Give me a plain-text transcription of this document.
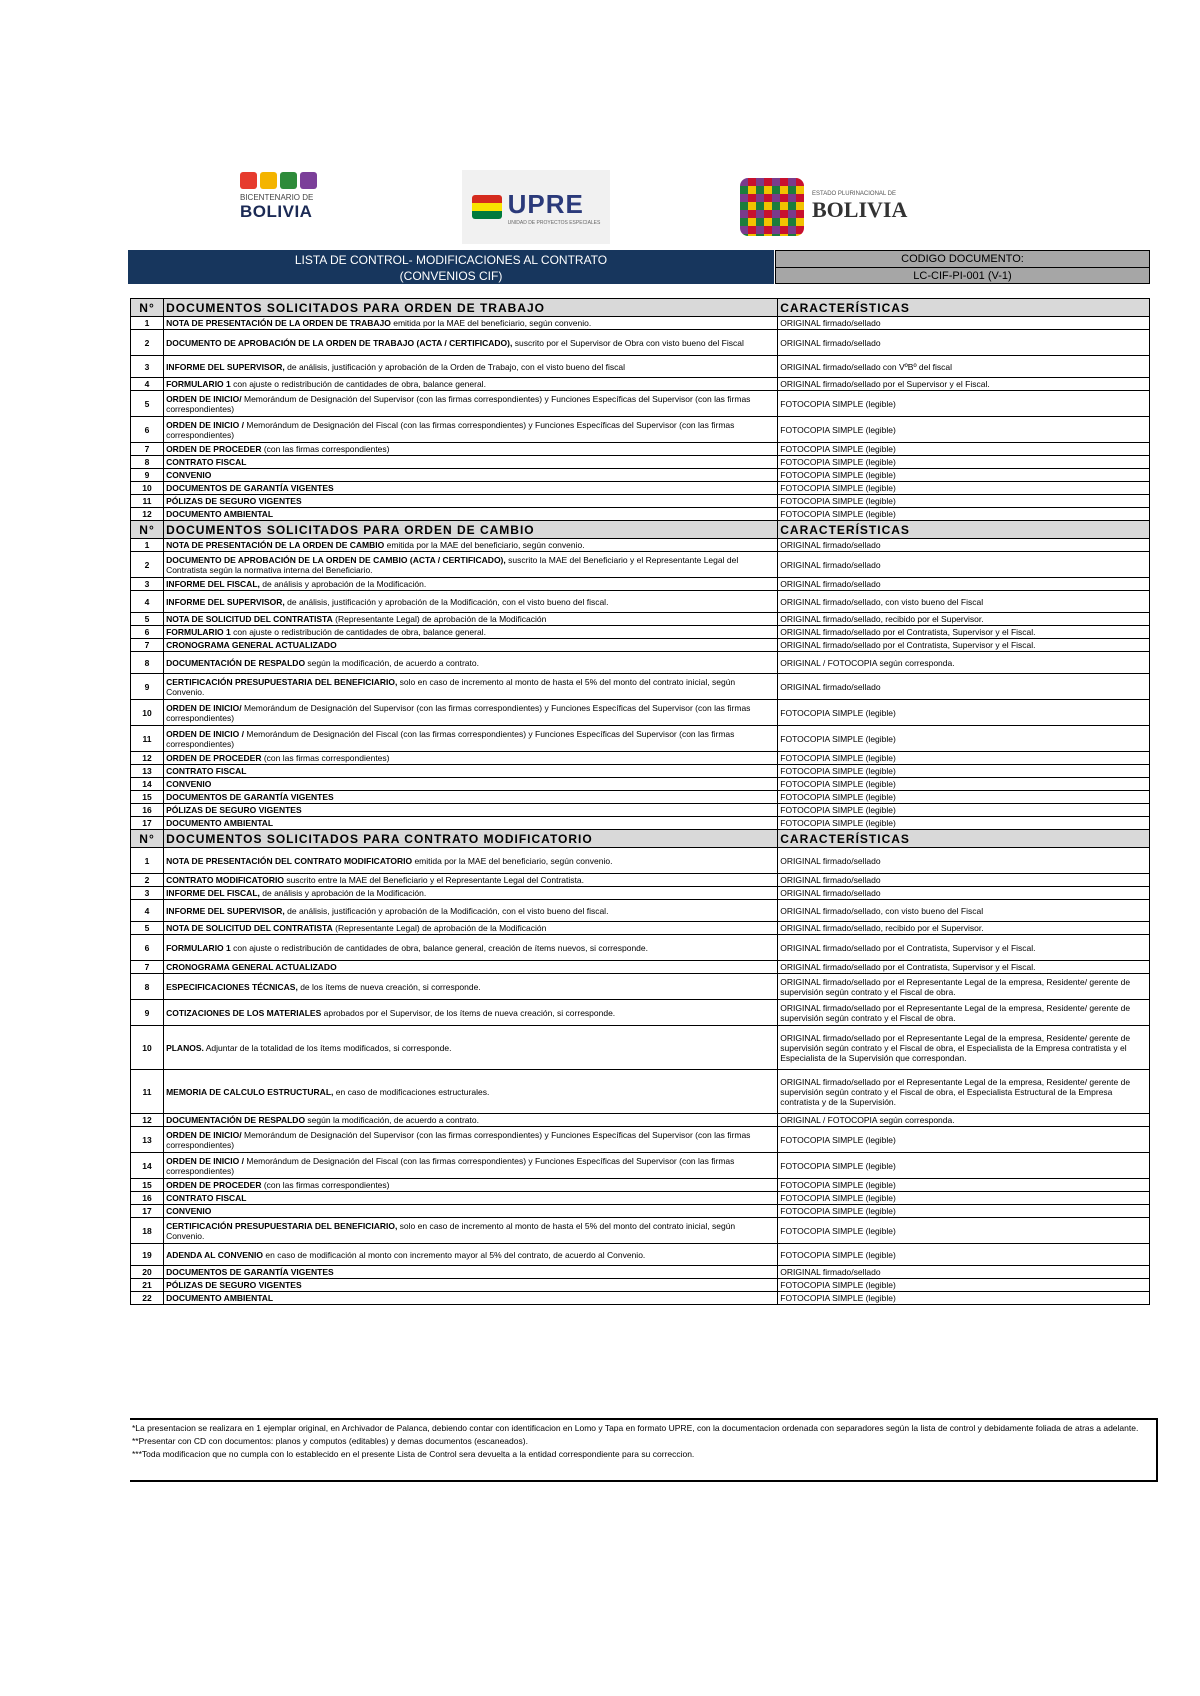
BICENTENARIO DE
BOLIVIA	UPRE
UNIDAD DE PROYECTOS ESPECIALES
ESTADO PLURINACIONAL DE
BOLIVIA
LISTA DE CONTROL- MODIFICACIONES AL CONTRATO
(CONVENIOS CIF)
CODIGO DOCUMENTO:
LC-CIF-PI-001 (V-1)
N°	DOCUMENTOS SOLICITADOS PARA ORDEN DE TRABAJO	CARACTERÍSTICAS
1	NOTA DE PRESENTACIÓN DE LA ORDEN DE TRABAJO emitida por la MAE del beneficiario, según convenio.	ORIGINAL firmado/sellado
2	DOCUMENTO DE APROBACIÓN DE LA ORDEN DE TRABAJO (ACTA / CERTIFICADO), suscrito por el Supervisor de Obra con visto bueno del Fiscal	ORIGINAL firmado/sellado
3	INFORME DEL SUPERVISOR, de análisis, justificación y aprobación de la Orden de Trabajo, con el visto bueno del fiscal	ORIGINAL firmado/sellado con VºBº del fiscal
4	FORMULARIO 1 con ajuste o redistribución de cantidades de obra, balance general.	ORIGINAL firmado/sellado por el Supervisor y el Fiscal.
5	ORDEN DE INICIO/ Memorándum de Designación del Supervisor (con las firmas correspondientes) y Funciones Específicas del Supervisor (con las firmas correspondientes)	FOTOCOPIA SIMPLE (legible)
6	ORDEN DE INICIO / Memorándum de Designación del Fiscal (con las firmas correspondientes) y Funciones Específicas del Supervisor (con las firmas correspondientes)	FOTOCOPIA SIMPLE (legible)
7	ORDEN DE PROCEDER (con las firmas correspondientes)	FOTOCOPIA SIMPLE (legible)
8	CONTRATO FISCAL	FOTOCOPIA SIMPLE (legible)
9	CONVENIO	FOTOCOPIA SIMPLE (legible)
10	DOCUMENTOS DE GARANTÍA VIGENTES	FOTOCOPIA SIMPLE (legible)
11	PÓLIZAS DE SEGURO VIGENTES	FOTOCOPIA SIMPLE (legible)
12	DOCUMENTO AMBIENTAL	FOTOCOPIA SIMPLE (legible)
N°	DOCUMENTOS SOLICITADOS PARA ORDEN DE CAMBIO	CARACTERÍSTICAS
1	NOTA DE PRESENTACIÓN DE LA ORDEN DE CAMBIO emitida por la MAE del beneficiario, según convenio.	ORIGINAL firmado/sellado
2	DOCUMENTO DE APROBACIÓN DE LA ORDEN DE CAMBIO (ACTA / CERTIFICADO), suscrito la MAE del Beneficiario y el Representante Legal del Contratista según la normativa interna del Beneficiario.	ORIGINAL firmado/sellado
3	INFORME DEL FISCAL, de análisis y aprobación de la Modificación.	ORIGINAL firmado/sellado
4	INFORME DEL SUPERVISOR, de análisis, justificación y aprobación de la Modificación, con el visto bueno del fiscal.	ORIGINAL firmado/sellado, con visto bueno del Fiscal
5	NOTA DE SOLICITUD DEL CONTRATISTA (Representante Legal) de aprobación de la Modificación	ORIGINAL firmado/sellado, recibido por el Supervisor.
6	FORMULARIO 1 con ajuste o redistribución de cantidades de obra, balance general.	ORIGINAL firmado/sellado por el Contratista, Supervisor y el Fiscal.
7	CRONOGRAMA GENERAL ACTUALIZADO	ORIGINAL firmado/sellado por el Contratista, Supervisor y el Fiscal.
8	DOCUMENTACIÓN DE RESPALDO según la modificación, de acuerdo a contrato.	ORIGINAL / FOTOCOPIA según corresponda.
9	CERTIFICACIÓN PRESUPUESTARIA DEL BENEFICIARIO, solo en caso de incremento al monto de hasta el 5% del monto del contrato inicial, según Convenio.	ORIGINAL firmado/sellado
10	ORDEN DE INICIO/ Memorándum de Designación del Supervisor (con las firmas correspondientes) y Funciones Específicas del Supervisor (con las firmas correspondientes)	FOTOCOPIA SIMPLE (legible)
11	ORDEN DE INICIO / Memorándum de Designación del Fiscal (con las firmas correspondientes) y Funciones Específicas del Supervisor (con las firmas correspondientes)	FOTOCOPIA SIMPLE (legible)
12	ORDEN DE PROCEDER (con las firmas correspondientes)	FOTOCOPIA SIMPLE (legible)
13	CONTRATO FISCAL	FOTOCOPIA SIMPLE (legible)
14	CONVENIO	FOTOCOPIA SIMPLE (legible)
15	DOCUMENTOS DE GARANTÍA VIGENTES	FOTOCOPIA SIMPLE (legible)
16	PÓLIZAS DE SEGURO VIGENTES	FOTOCOPIA SIMPLE (legible)
17	DOCUMENTO AMBIENTAL	FOTOCOPIA SIMPLE (legible)
N°	DOCUMENTOS SOLICITADOS PARA CONTRATO MODIFICATORIO	CARACTERÍSTICAS
1	NOTA DE PRESENTACIÓN DEL CONTRATO MODIFICATORIO emitida por la MAE del beneficiario, según convenio.	ORIGINAL firmado/sellado
2	CONTRATO MODIFICATORIO suscrito entre la MAE del Beneficiario y el Representante Legal del Contratista.	ORIGINAL firmado/sellado
3	INFORME DEL FISCAL, de análisis y aprobación de la Modificación.	ORIGINAL firmado/sellado
4	INFORME DEL SUPERVISOR, de análisis, justificación y aprobación de la Modificación, con el visto bueno del fiscal.	ORIGINAL firmado/sellado, con visto bueno del Fiscal
5	NOTA DE SOLICITUD DEL CONTRATISTA (Representante Legal) de aprobación de la Modificación	ORIGINAL firmado/sellado, recibido por el Supervisor.
6	FORMULARIO 1 con ajuste o redistribución de cantidades de obra, balance general, creación de ítems nuevos, si corresponde.	ORIGINAL firmado/sellado por el Contratista, Supervisor y el Fiscal.
7	CRONOGRAMA GENERAL ACTUALIZADO	ORIGINAL firmado/sellado por el Contratista, Supervisor y el Fiscal.
8	ESPECIFICACIONES TÉCNICAS, de los ítems de nueva creación, si corresponde.	ORIGINAL firmado/sellado por el Representante Legal de la empresa, Residente/ gerente de supervisión según contrato y el Fiscal de obra.
9	COTIZACIONES DE LOS MATERIALES aprobados por el Supervisor, de los ítems de nueva creación, si corresponde.	ORIGINAL firmado/sellado por el Representante Legal de la empresa, Residente/ gerente de supervisión según contrato y el Fiscal de obra.
10	PLANOS. Adjuntar de la totalidad de los ítems modificados, si corresponde.	ORIGINAL firmado/sellado por el Representante Legal de la empresa, Residente/ gerente de supervisión según contrato y el Fiscal de obra, el Especialista de la Empresa contratista y el Especialista de la Supervisión que correspondan.
11	MEMORIA DE CALCULO ESTRUCTURAL, en caso de modificaciones estructurales.	ORIGINAL firmado/sellado por el Representante Legal de la empresa, Residente/ gerente de supervisión según contrato y el Fiscal de obra, el Especialista Estructural de la Empresa contratista y de la Supervisión.
12	DOCUMENTACIÓN DE RESPALDO según la modificación, de acuerdo a contrato.	ORIGINAL / FOTOCOPIA según corresponda.
13	ORDEN DE INICIO/ Memorándum de Designación del Supervisor (con las firmas correspondientes) y Funciones Específicas del Supervisor (con las firmas correspondientes)	FOTOCOPIA SIMPLE (legible)
14	ORDEN DE INICIO / Memorándum de Designación del Fiscal (con las firmas correspondientes) y Funciones Específicas del Supervisor (con las firmas correspondientes)	FOTOCOPIA SIMPLE (legible)
15	ORDEN DE PROCEDER (con las firmas correspondientes)	FOTOCOPIA SIMPLE (legible)
16	CONTRATO FISCAL	FOTOCOPIA SIMPLE (legible)
17	CONVENIO	FOTOCOPIA SIMPLE (legible)
18	CERTIFICACIÓN PRESUPUESTARIA DEL BENEFICIARIO, solo en caso de incremento al monto de hasta el 5% del monto del contrato inicial, según Convenio.	FOTOCOPIA SIMPLE (legible)
19	ADENDA AL CONVENIO en caso de modificación al monto con incremento mayor al 5% del contrato, de acuerdo al Convenio.	FOTOCOPIA SIMPLE (legible)
20	DOCUMENTOS DE GARANTÍA VIGENTES	ORIGINAL firmado/sellado
21	PÓLIZAS DE SEGURO VIGENTES	FOTOCOPIA SIMPLE (legible)
22	DOCUMENTO AMBIENTAL	FOTOCOPIA SIMPLE (legible)
*La presentacion se realizara en 1 ejemplar original, en Archivador de Palanca, debiendo contar con identificacion en Lomo y Tapa en formato UPRE, con la documentacion ordenada con separadores según la lista de control y debidamente foliada de atras a adelante.
**Presentar con CD con documentos: planos y computos (editables) y demas documentos (escaneados).
***Toda modificacion que no cumpla con lo establecido en el presente Lista de Control sera devuelta a la entidad correspondiente para su correccion.
